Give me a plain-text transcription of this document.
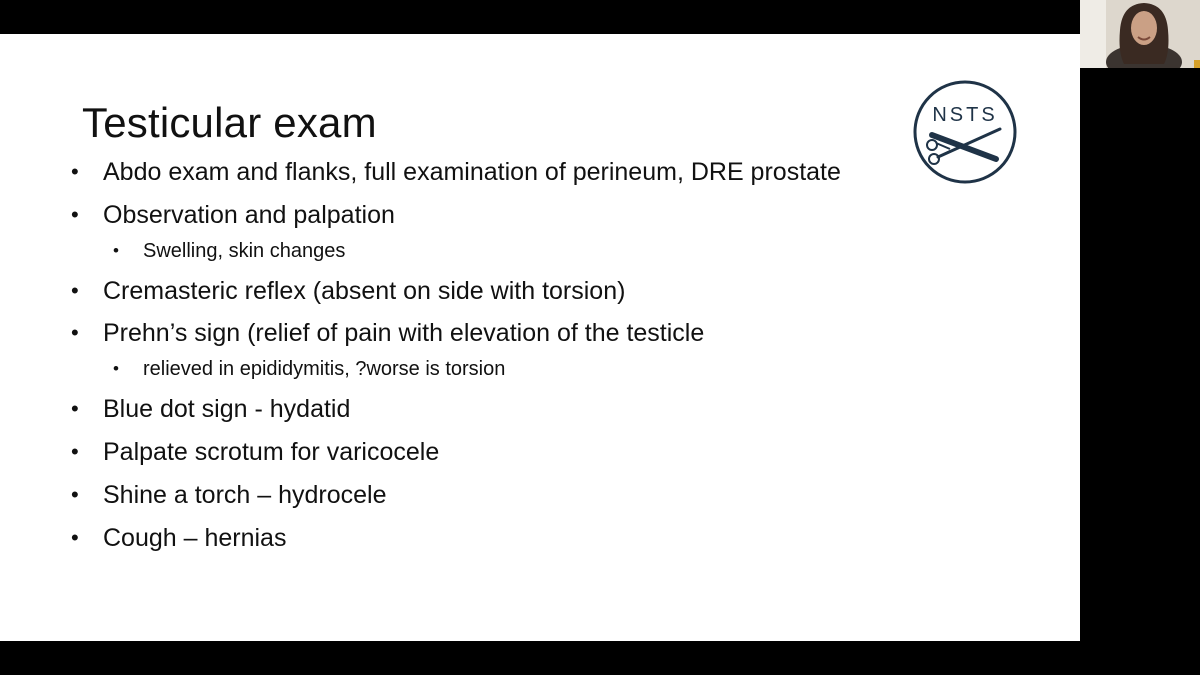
Testicular exam
• Abdo exam and flanks, full examination of perineum, DRE prostate
• Observation and palpation
• Swelling, skin changes
• Cremasteric reflex (absent on side with torsion)
• Prehn’s sign (relief of pain with elevation of the testicle
• relieved in epididymitis, ?worse is torsion
• Blue dot sign - hydatid
• Palpate scrotum for varicocele
• Shine a torch – hydrocele
• Cough – hernias
NSTS
